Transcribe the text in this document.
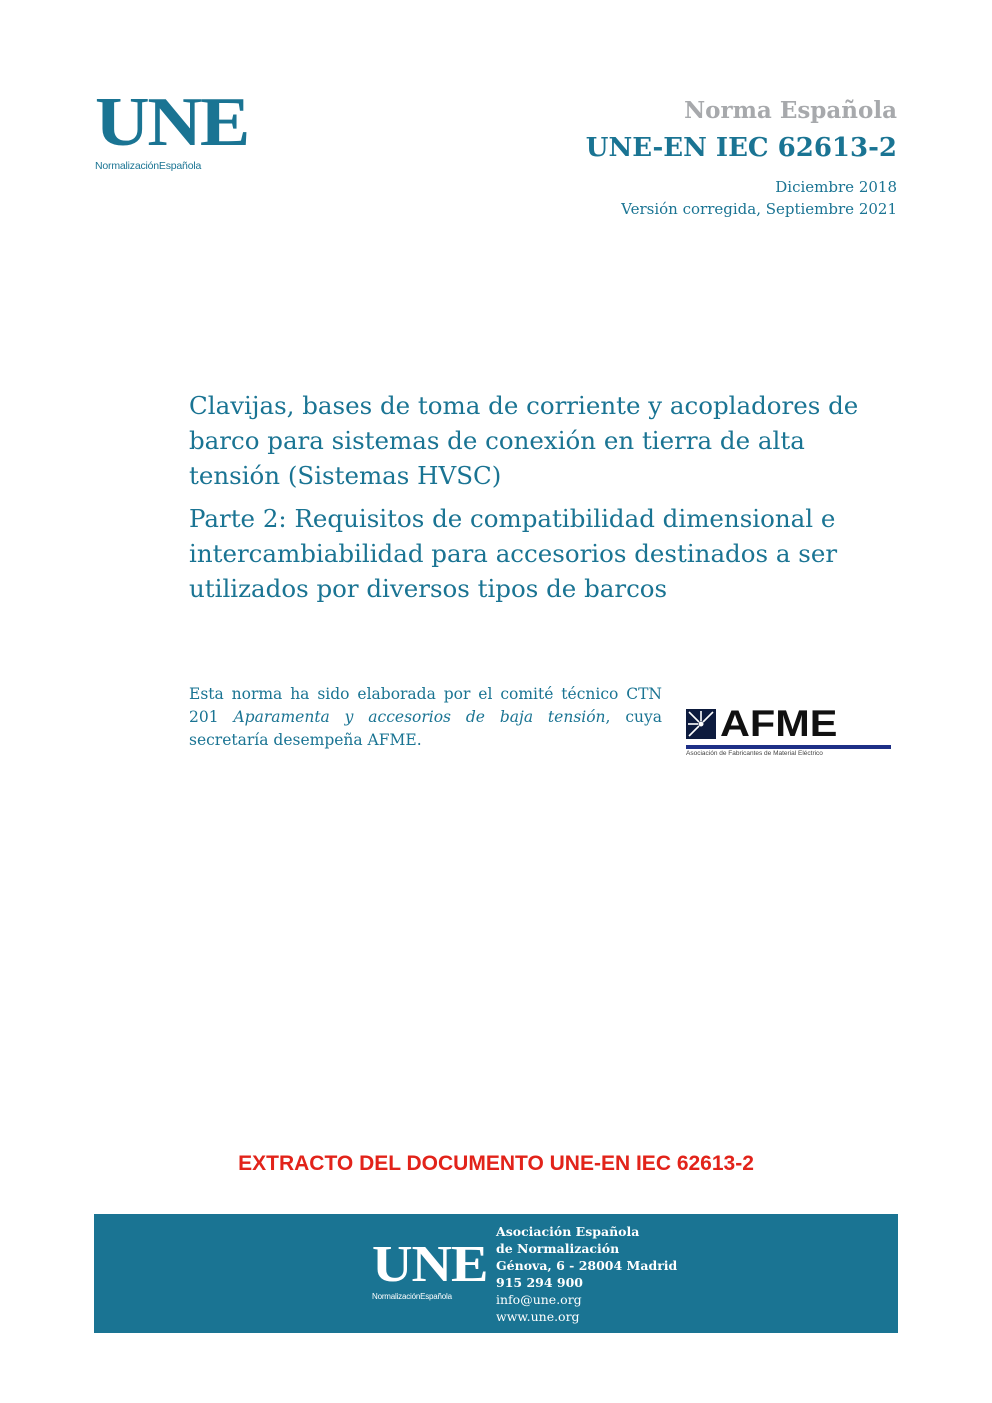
UNE
NormalizaciónEspañola
Norma Española
UNE-EN IEC 62613-2
Diciembre 2018
Versión corregida, Septiembre 2021

Clavijas, bases de toma de corriente y acopladores de barco para sistemas de conexión en tierra de alta tensión (Sistemas HVSC)

Parte 2: Requisitos de compatibilidad dimensional e intercambiabilidad para accesorios destinados a ser utilizados por diversos tipos de barcos

Esta norma ha sido elaborada por el comité técnico CTN 201 Aparamenta y accesorios de baja tensión, cuya secretaría desempeña AFME.	AFME
Asociación de Fabricantes de Material Eléctrico
EXTRACTO DEL DOCUMENTO UNE-EN IEC 62613-2
UNE
NormalizaciónEspañola
Asociación Española
de Normalización
Génova, 6 - 28004 Madrid
915 294 900
info@une.org
www.une.org
